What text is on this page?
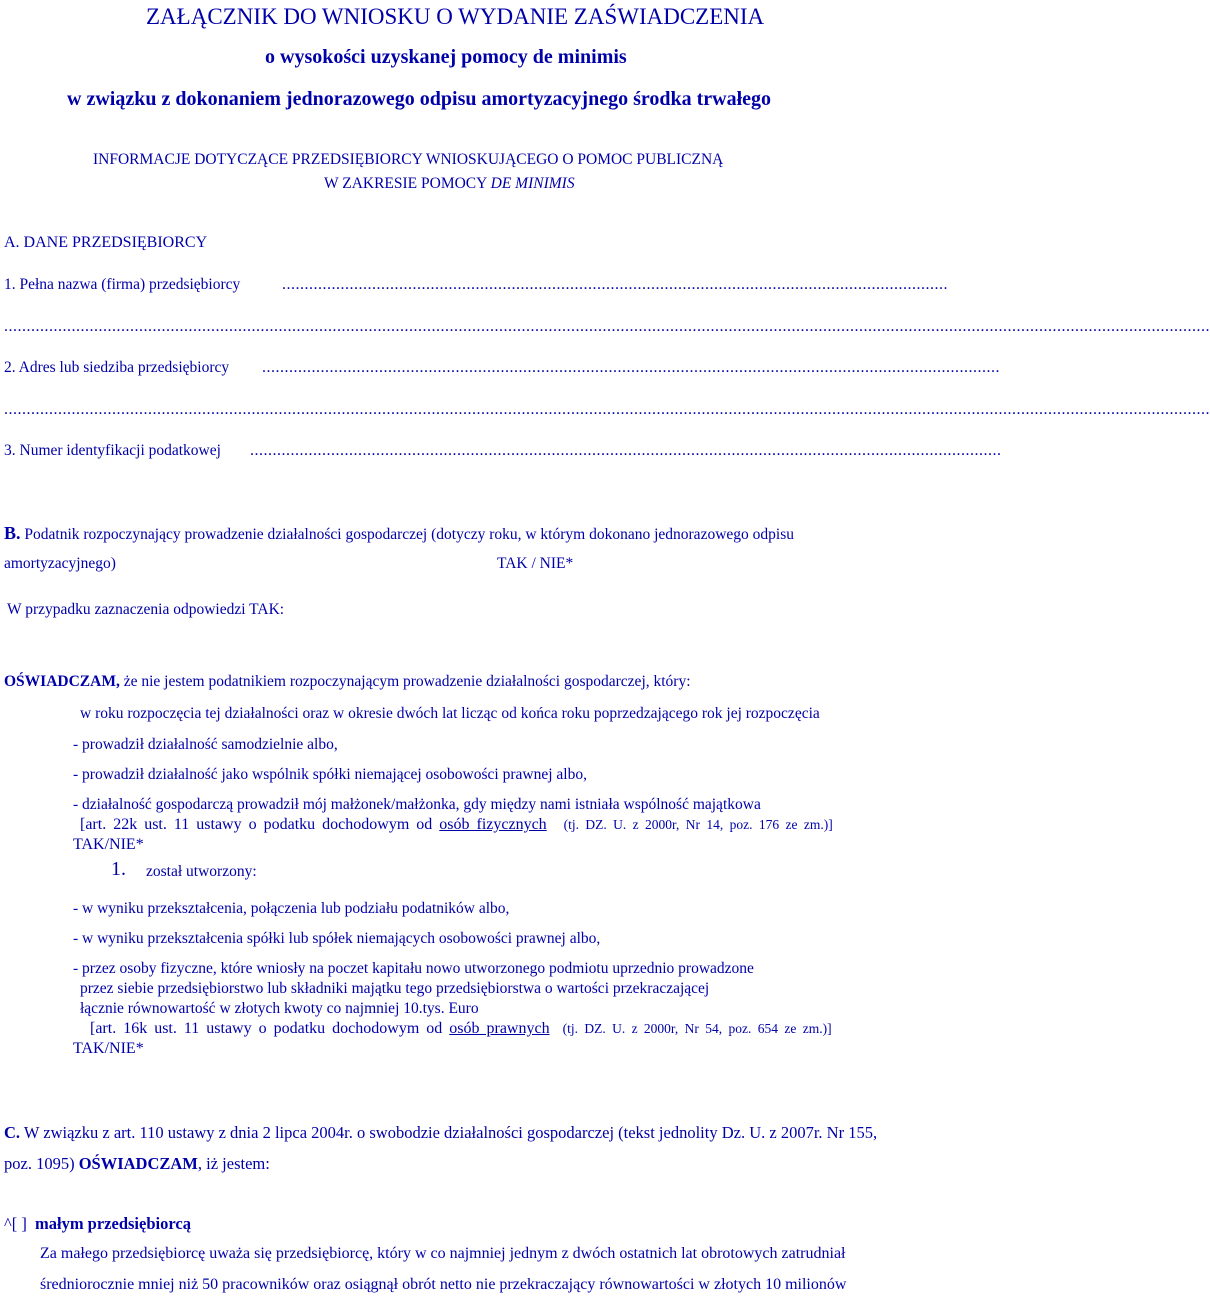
ZAŁĄCZNIK DO WNIOSKU O WYDANIE ZAŚWIADCZENIA
o wysokości uzyskanej pomocy de minimis
w związku z dokonaniem jednorazowego odpisu amortyzacyjnego środka trwałego
INFORMACJE DOTYCZĄCE PRZEDSIĘBIORCY WNIOSKUJĄCEGO O POMOC PUBLICZNĄ
W ZAKRESIE POMOCY DE MINIMIS
A. DANE PRZEDSIĘBIORCY
1. Pełna nazwa (firma) przedsiębiorcy	....................................................................................................................................................
............................................................................................................................................................................................................................................................................
2. Adres lub siedziba przedsiębiorcy ....................................................................................................................................................................
............................................................................................................................................................................................................................................................................
3. Numer identyfikacji podatkowej .......................................................................................................................................................................
B. Podatnik rozpoczynający prowadzenie działalności gospodarczej (dotyczy roku, w którym dokonano jednorazowego odpisu
amortyzacyjnego)	TAK / NIE*
W przypadku zaznaczenia odpowiedzi TAK:
OŚWIADCZAM, że nie jestem podatnikiem rozpoczynającym prowadzenie działalności gospodarczej, który:
w roku rozpoczęcia tej działalności oraz w okresie dwóch lat licząc od końca roku poprzedzającego rok jej rozpoczęcia
- prowadził działalność samodzielnie albo,
- prowadził działalność jako wspólnik spółki niemającej osobowości prawnej albo,
- działalność gospodarczą prowadził mój małżonek/małżonka, gdy między nami istniała wspólność majątkowa
[art. 22k ust. 11 ustawy o podatku dochodowym od osób fizycznych (tj. DZ. U. z 2000r, Nr 14, poz. 176 ze zm.)]
TAK/NIE*
1. został utworzony:
- w wyniku przekształcenia, połączenia lub podziału podatników albo,
- w wyniku przekształcenia spółki lub spółek niemających osobowości prawnej albo,
- przez osoby fizyczne, które wniosły na poczet kapitału nowo utworzonego podmiotu uprzednio prowadzone
przez siebie przedsiębiorstwo lub składniki majątku tego przedsiębiorstwa o wartości przekraczającej
łącznie równowartość w złotych kwoty co najmniej 10.tys. Euro
[art. 16k ust. 11 ustawy o podatku dochodowym od osób prawnych (tj. DZ. U. z 2000r, Nr 54, poz. 654 ze zm.)]
TAK/NIE*
C. W związku z art. 110 ustawy z dnia 2 lipca 2004r. o swobodzie działalności gospodarczej (tekst jednolity Dz. U. z 2007r. Nr 155,
poz. 1095) OŚWIADCZAM, iż jestem:
^[ ] małym przedsiębiorcą
Za małego przedsiębiorcę uważa się przedsiębiorcę, który w co najmniej jednym z dwóch ostatnich lat obrotowych zatrudniał
średniorocznie mniej niż 50 pracowników oraz osiągnął obrót netto nie przekraczający równowartości w złotych 10 milionów
